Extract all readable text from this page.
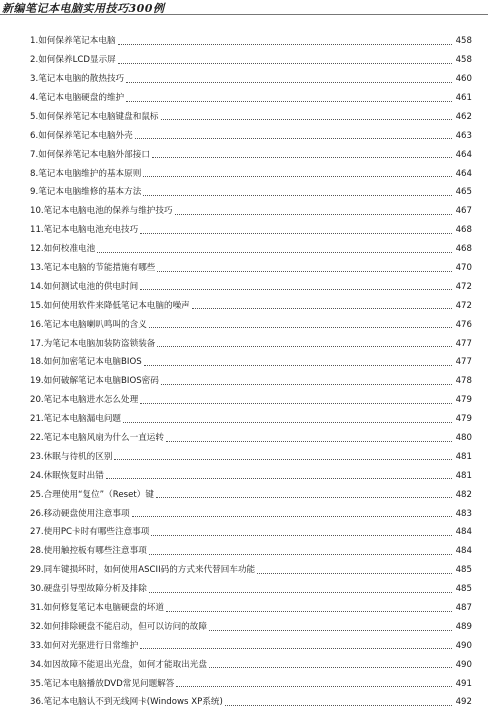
新编笔记本电脑实用技巧300例
1. 如何保养笔记本电脑	458
2. 如何保养LCD显示屏	458
3. 笔记本电脑的散热技巧	460
4. 笔记本电脑硬盘的维护	461
5. 如何保养笔记本电脑键盘和鼠标	462
6. 如何保养笔记本电脑外壳	463
7. 如何保养笔记本电脑外部接口	464
8. 笔记本电脑维护的基本原则	464
9. 笔记本电脑维修的基本方法	465
10. 笔记本电脑电池的保养与维护技巧	467
11. 笔记本电脑电池充电技巧	468
12. 如何校准电池	468
13. 笔记本电脑的节能措施有哪些	470
14. 如何测试电池的供电时间	472
15. 如何使用软件来降低笔记本电脑的噪声	472
16. 笔记本电脑喇叭鸣叫的含义	476
17. 为笔记本电脑加装防盗锁装备	477
18. 如何加密笔记本电脑BIOS	477
19. 如何破解笔记本电脑BIOS密码	478
20. 笔记本电脑进水怎么处理	479
21. 笔记本电脑漏电问题	479
22. 笔记本电脑风扇为什么一直运转	480
23. 休眠与待机的区别	481
24. 休眠恢复时出错	481
25. 合理使用“复位”（Reset）键	482
26. 移动硬盘使用注意事项	483
27. 使用PC卡时有哪些注意事项	484
28. 使用触控板有哪些注意事项	484
29. 同车键损坏时，如何使用ASCII码的方式来代替回车功能	485
30. 硬盘引导型故障分析及排除	485
31. 如何修复笔记本电脑硬盘的坏道	487
32. 如何排除硬盘不能启动，但可以访问的故障	489
33. 如何对光驱进行日常维护	490
34. 如因故障不能退出光盘，如何才能取出光盘	490
35. 笔记本电脑播放DVD常见问题解答	491
36. 笔记本电脑认不到无线网卡(Windows XP系统)	492
